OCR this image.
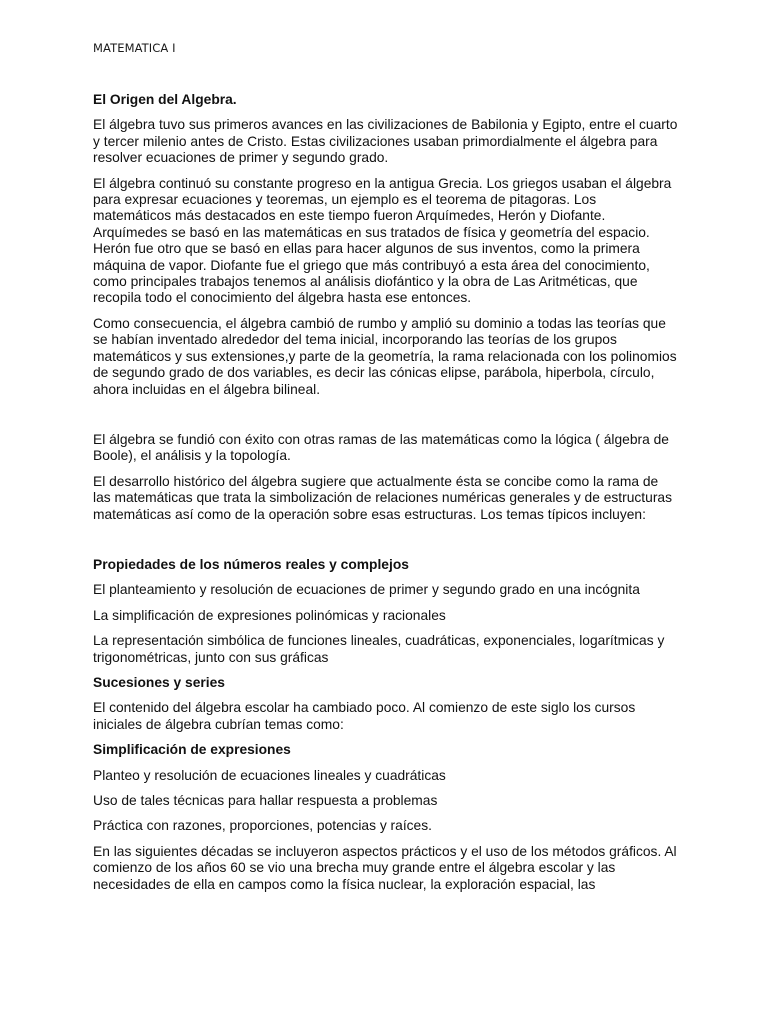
MATEMATICA I
El Origen del Algebra.

El álgebra tuvo sus primeros avances en las civilizaciones de Babilonia y Egipto, entre el cuarto y tercer milenio antes de Cristo. Estas civilizaciones usaban primordialmente el álgebra para resolver ecuaciones de primer y segundo grado.

El álgebra continuó su constante progreso en la antigua Grecia. Los griegos usaban el álgebra para expresar ecuaciones y teoremas, un ejemplo es el teorema de pitagoras. Los matemáticos más destacados en este tiempo fueron Arquímedes, Herón y Diofante. Arquímedes se basó en las matemáticas en sus tratados de física y geometría del espacio. Herón fue otro que se basó en ellas para hacer algunos de sus inventos, como la primera máquina de vapor. Diofante fue el griego que más contribuyó a esta área del conocimiento, como principales trabajos tenemos al análisis diofántico y la obra de Las Aritméticas, que recopila todo el conocimiento del álgebra hasta ese entonces.

Como consecuencia, el álgebra cambió de rumbo y amplió su dominio a todas las teorías que se habían inventado alrededor del tema inicial, incorporando las teorías de los grupos matemáticos y sus extensiones,y parte de la geometría, la rama relacionada con los polinomios de segundo grado de dos variables, es decir las cónicas elipse, parábola, hiperbola, círculo, ahora incluidas en el álgebra bilineal.

El álgebra se fundió con éxito con otras ramas de las matemáticas como la lógica ( álgebra de Boole), el análisis y la topología.

El desarrollo histórico del álgebra sugiere que actualmente ésta se concibe como la rama de las matemáticas que trata la simbolización de relaciones numéricas generales y de estructuras matemáticas así como de la operación sobre esas estructuras. Los temas típicos incluyen:

Propiedades de los números reales y complejos

El planteamiento y resolución de ecuaciones de primer y segundo grado en una incógnita

La simplificación de expresiones polinómicas y racionales

La representación simbólica de funciones lineales, cuadráticas, exponenciales, logarítmicas y trigonométricas, junto con sus gráficas

Sucesiones y series

El contenido del álgebra escolar ha cambiado poco. Al comienzo de este siglo los cursos iniciales de álgebra cubrían temas como:

Simplificación de expresiones

Planteo y resolución de ecuaciones lineales y cuadráticas

Uso de tales técnicas para hallar respuesta a problemas

Práctica con razones, proporciones, potencias y raíces.

En las siguientes décadas se incluyeron aspectos prácticos y el uso de los métodos gráficos. Al comienzo de los años 60 se vio una brecha muy grande entre el álgebra escolar y las necesidades de ella en campos como la física nuclear, la exploración espacial, las
